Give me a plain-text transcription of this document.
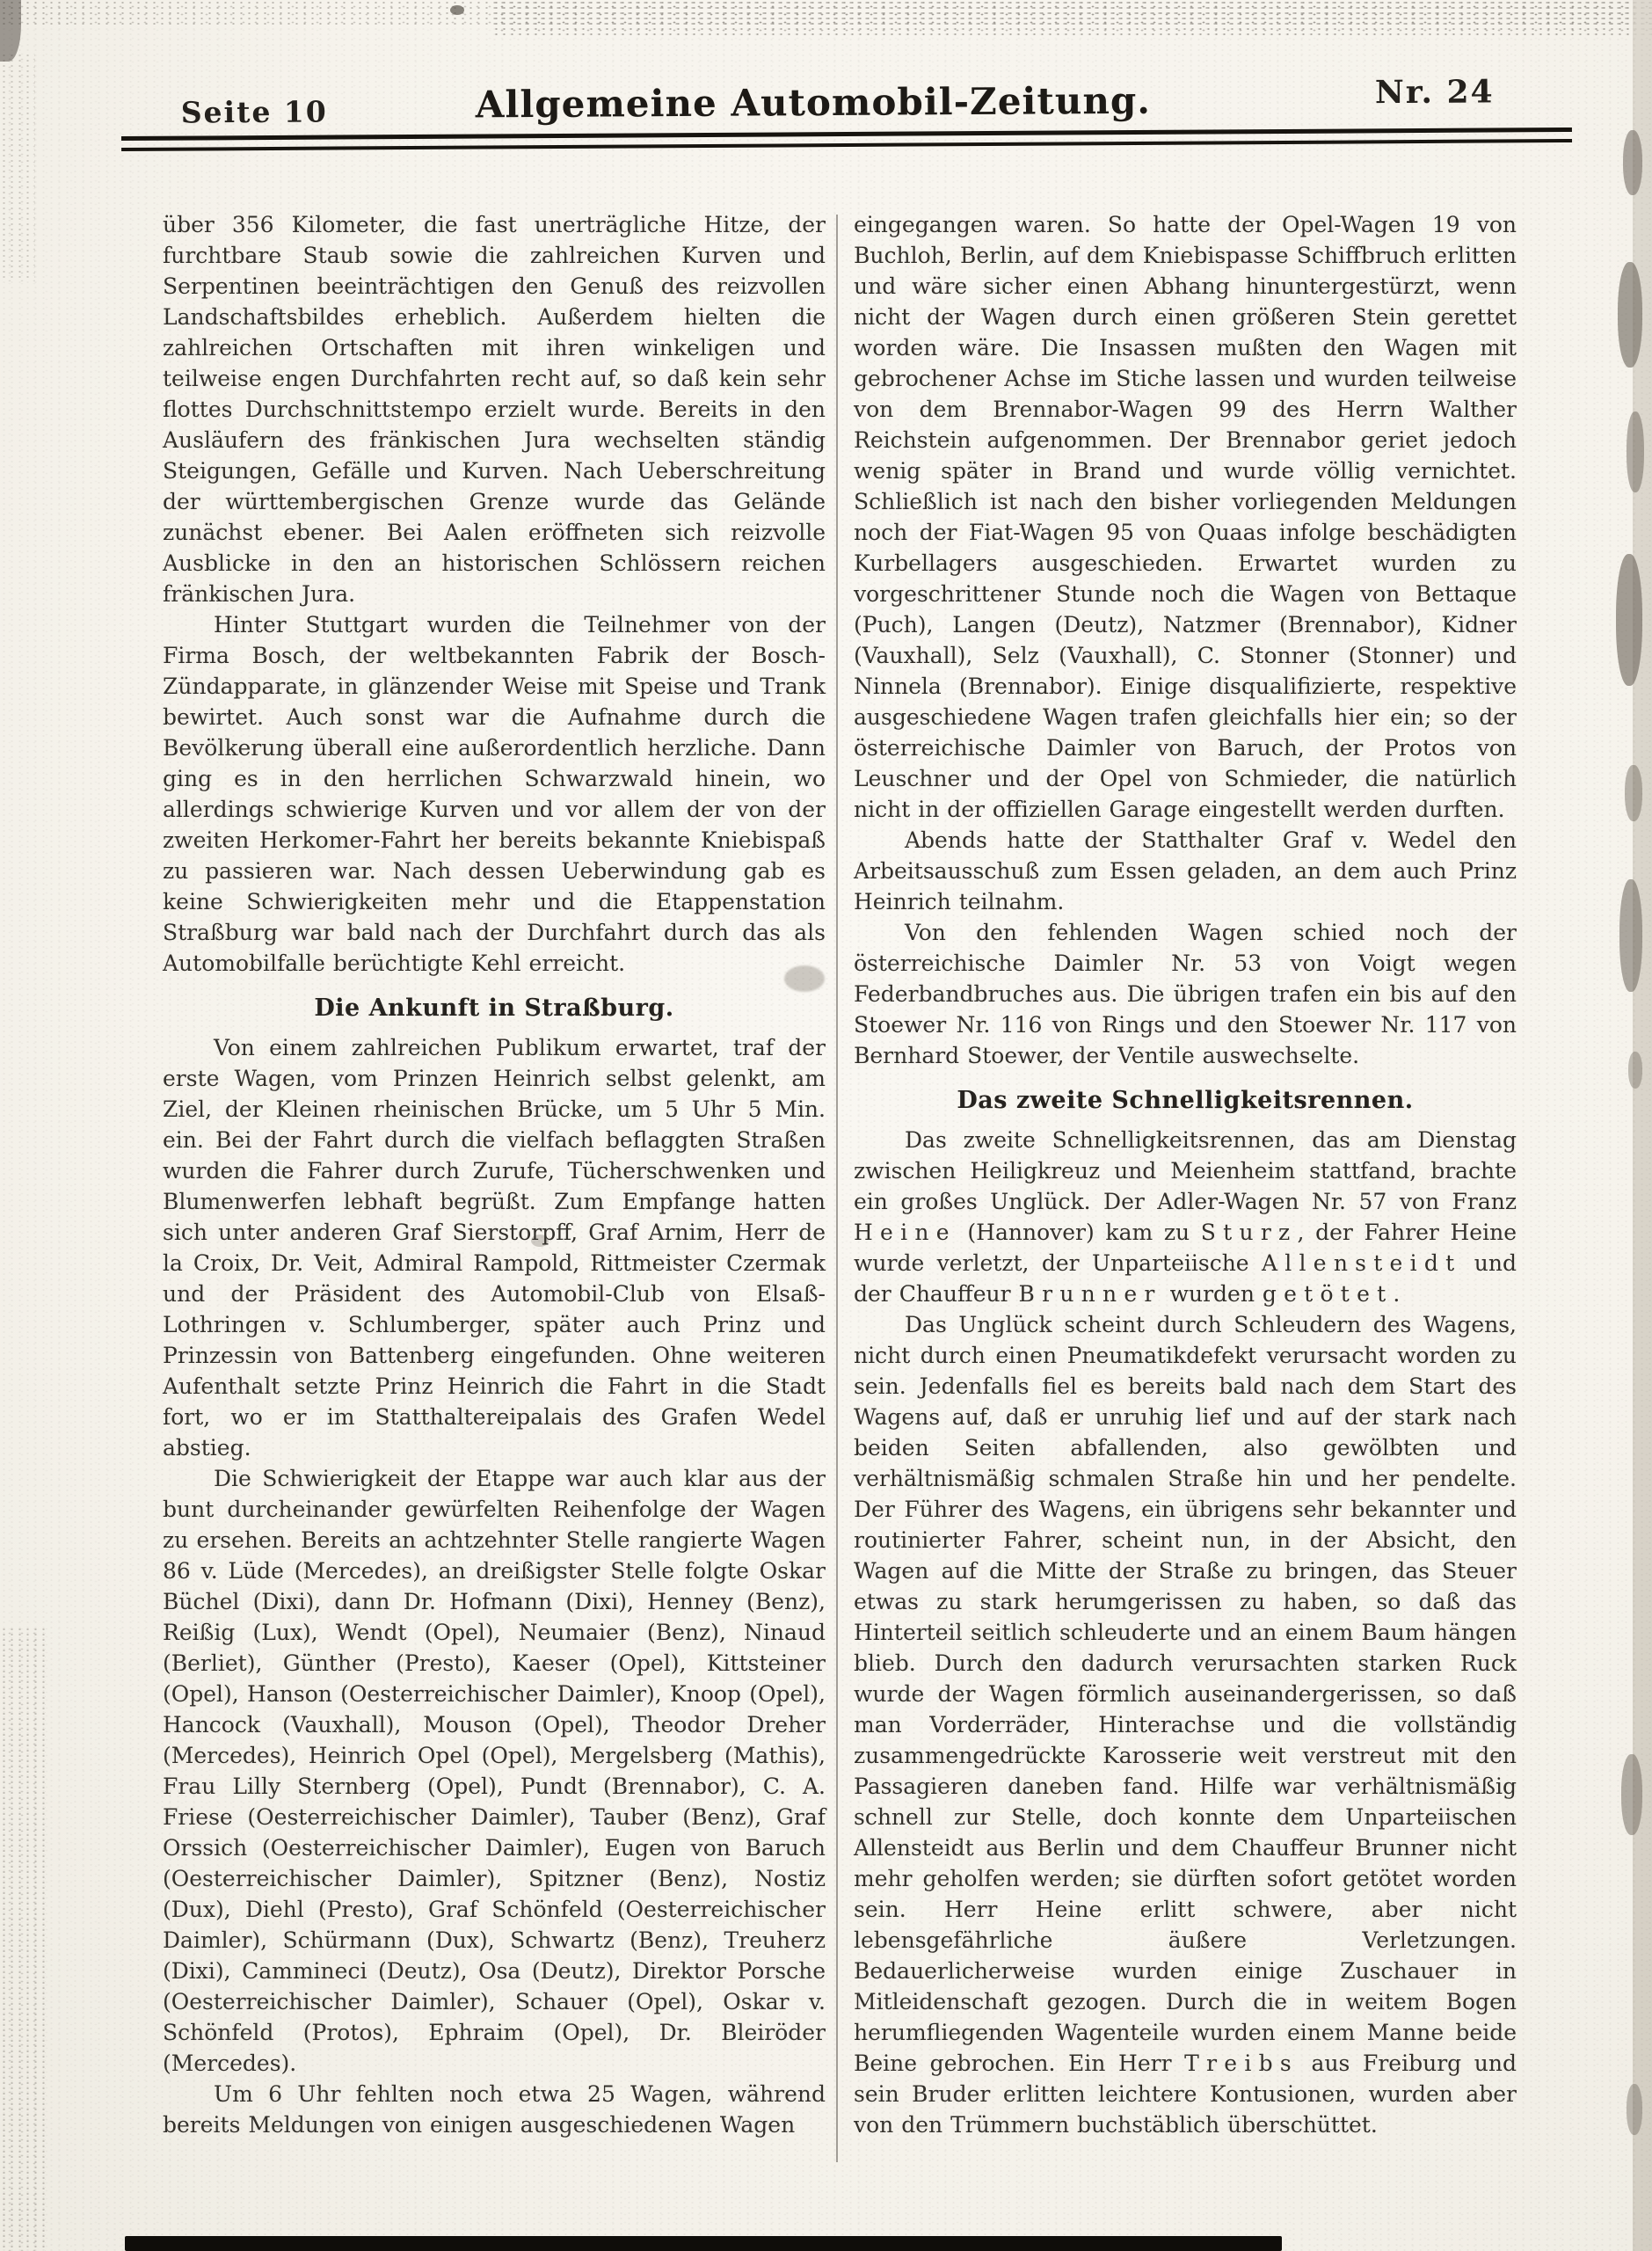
Seite 10	Allgemeine Automobil-Zeitung.	Nr. 24

über 356 Kilometer, die fast unerträgliche Hitze, der furchtbare Staub sowie die zahlreichen Kurven und Serpentinen beeinträchtigen den Genuß des reizvollen Landschaftsbildes erheblich. Außerdem hielten die zahlreichen Ortschaften mit ihren winkeligen und teilweise engen Durchfahrten recht auf, so daß kein sehr flottes Durchschnittstempo erzielt wurde. Bereits in den Ausläufern des fränkischen Jura wechselten ständig Steigungen, Gefälle und Kurven. Nach Ueberschreitung der württembergischen Grenze wurde das Gelände zunächst ebener. Bei Aalen eröffneten sich reizvolle Ausblicke in den an historischen Schlössern reichen fränkischen Jura.

Hinter Stuttgart wurden die Teilnehmer von der Firma Bosch, der weltbekannten Fabrik der Bosch-Zündapparate, in glänzender Weise mit Speise und Trank bewirtet. Auch sonst war die Aufnahme durch die Bevölkerung überall eine außerordentlich herzliche. Dann ging es in den herrlichen Schwarzwald hinein, wo allerdings schwierige Kurven und vor allem der von der zweiten Herkomer-Fahrt her bereits bekannte Kniebispaß zu passieren war. Nach dessen Ueberwindung gab es keine Schwierigkeiten mehr und die Etappenstation Straßburg war bald nach der Durchfahrt durch das als Automobilfalle berüchtigte Kehl erreicht.

Die Ankunft in Straßburg.

Von einem zahlreichen Publikum erwartet, traf der erste Wagen, vom Prinzen Heinrich selbst gelenkt, am Ziel, der Kleinen rheinischen Brücke, um 5 Uhr 5 Min. ein. Bei der Fahrt durch die vielfach beflaggten Straßen wurden die Fahrer durch Zurufe, Tücherschwenken und Blumenwerfen lebhaft begrüßt. Zum Empfange hatten sich unter anderen Graf Sierstorpff, Graf Arnim, Herr de la Croix, Dr. Veit, Admiral Rampold, Rittmeister Czermak und der Präsident des Automobil-Club von Elsaß-Lothringen v. Schlumberger, später auch Prinz und Prinzessin von Battenberg eingefunden. Ohne weiteren Aufenthalt setzte Prinz Heinrich die Fahrt in die Stadt fort, wo er im Statthaltereipalais des Grafen Wedel abstieg.

Die Schwierigkeit der Etappe war auch klar aus der bunt durcheinander gewürfelten Reihenfolge der Wagen zu ersehen. Bereits an achtzehnter Stelle rangierte Wagen 86 v. Lüde (Mercedes), an dreißigster Stelle folgte Oskar Büchel (Dixi), dann Dr. Hofmann (Dixi), Henney (Benz), Reißig (Lux), Wendt (Opel), Neumaier (Benz), Ninaud (Berliet), Günther (Presto), Kaeser (Opel), Kittsteiner (Opel), Hanson (Oesterreichischer Daimler), Knoop (Opel), Hancock (Vauxhall), Mouson (Opel), Theodor Dreher (Mercedes), Heinrich Opel (Opel), Mergelsberg (Mathis), Frau Lilly Sternberg (Opel), Pundt (Brennabor), C. A. Friese (Oesterreichischer Daimler), Tauber (Benz), Graf Orssich (Oesterreichischer Daimler), Eugen von Baruch (Oesterreichischer Daimler), Spitzner (Benz), Nostiz (Dux), Diehl (Presto), Graf Schönfeld (Oesterreichischer Daimler), Schürmann (Dux), Schwartz (Benz), Treuherz (Dixi), Cammineci (Deutz), Osa (Deutz), Direktor Porsche (Oesterreichischer Daimler), Schauer (Opel), Oskar v. Schönfeld (Protos), Ephraim (Opel), Dr. Bleiröder (Mercedes).

Um 6 Uhr fehlten noch etwa 25 Wagen, während bereits Meldungen von einigen ausgeschiedenen Wagen

eingegangen waren. So hatte der Opel-Wagen 19 von Buchloh, Berlin, auf dem Kniebispasse Schiffbruch erlitten und wäre sicher einen Abhang hinuntergestürzt, wenn nicht der Wagen durch einen größeren Stein gerettet worden wäre. Die Insassen mußten den Wagen mit gebrochener Achse im Stiche lassen und wurden teilweise von dem Brennabor-Wagen 99 des Herrn Walther Reichstein aufgenommen. Der Brennabor geriet jedoch wenig später in Brand und wurde völlig vernichtet. Schließlich ist nach den bisher vorliegenden Meldungen noch der Fiat-Wagen 95 von Quaas infolge beschädigten Kurbellagers ausgeschieden. Erwartet wurden zu vorgeschrittener Stunde noch die Wagen von Bettaque (Puch), Langen (Deutz), Natzmer (Brennabor), Kidner (Vauxhall), Selz (Vauxhall), C. Stonner (Stonner) und Ninnela (Brennabor). Einige disqualifizierte, respektive ausgeschiedene Wagen trafen gleichfalls hier ein; so der österreichische Daimler von Baruch, der Protos von Leuschner und der Opel von Schmieder, die natürlich nicht in der offiziellen Garage eingestellt werden durften.

Abends hatte der Statthalter Graf v. Wedel den Arbeitsausschuß zum Essen geladen, an dem auch Prinz Heinrich teilnahm.

Von den fehlenden Wagen schied noch der österreichische Daimler Nr. 53 von Voigt wegen Federbandbruches aus. Die übrigen trafen ein bis auf den Stoewer Nr. 116 von Rings und den Stoewer Nr. 117 von Bernhard Stoewer, der Ventile auswechselte.

Das zweite Schnelligkeitsrennen.

Das zweite Schnelligkeitsrennen, das am Dienstag zwischen Heiligkreuz und Meienheim stattfand, brachte ein großes Unglück. Der Adler-Wagen Nr. 57 von Franz Heine (Hannover) kam zu Sturz, der Fahrer Heine wurde verletzt, der Unparteiische Allensteidt und der Chauffeur Brunner wurden getötet.

Das Unglück scheint durch Schleudern des Wagens, nicht durch einen Pneumatikdefekt verursacht worden zu sein. Jedenfalls fiel es bereits bald nach dem Start des Wagens auf, daß er unruhig lief und auf der stark nach beiden Seiten abfallenden, also gewölbten und verhältnismäßig schmalen Straße hin und her pendelte. Der Führer des Wagens, ein übrigens sehr bekannter und routinierter Fahrer, scheint nun, in der Absicht, den Wagen auf die Mitte der Straße zu bringen, das Steuer etwas zu stark herumgerissen zu haben, so daß das Hinterteil seitlich schleuderte und an einem Baum hängen blieb. Durch den dadurch verursachten starken Ruck wurde der Wagen förmlich auseinandergerissen, so daß man Vorderräder, Hinterachse und die vollständig zusammengedrückte Karosserie weit verstreut mit den Passagieren daneben fand. Hilfe war verhältnismäßig schnell zur Stelle, doch konnte dem Unparteiischen Allensteidt aus Berlin und dem Chauffeur Brunner nicht mehr geholfen werden; sie dürften sofort getötet worden sein. Herr Heine erlitt schwere, aber nicht lebensgefährliche äußere Verletzungen. Bedauerlicherweise wurden einige Zuschauer in Mitleidenschaft gezogen. Durch die in weitem Bogen herumfliegenden Wagenteile wurden einem Manne beide Beine gebrochen. Ein Herr Treibs aus Freiburg und sein Bruder erlitten leichtere Kontusionen, wurden aber von den Trümmern buchstäblich überschüttet.
